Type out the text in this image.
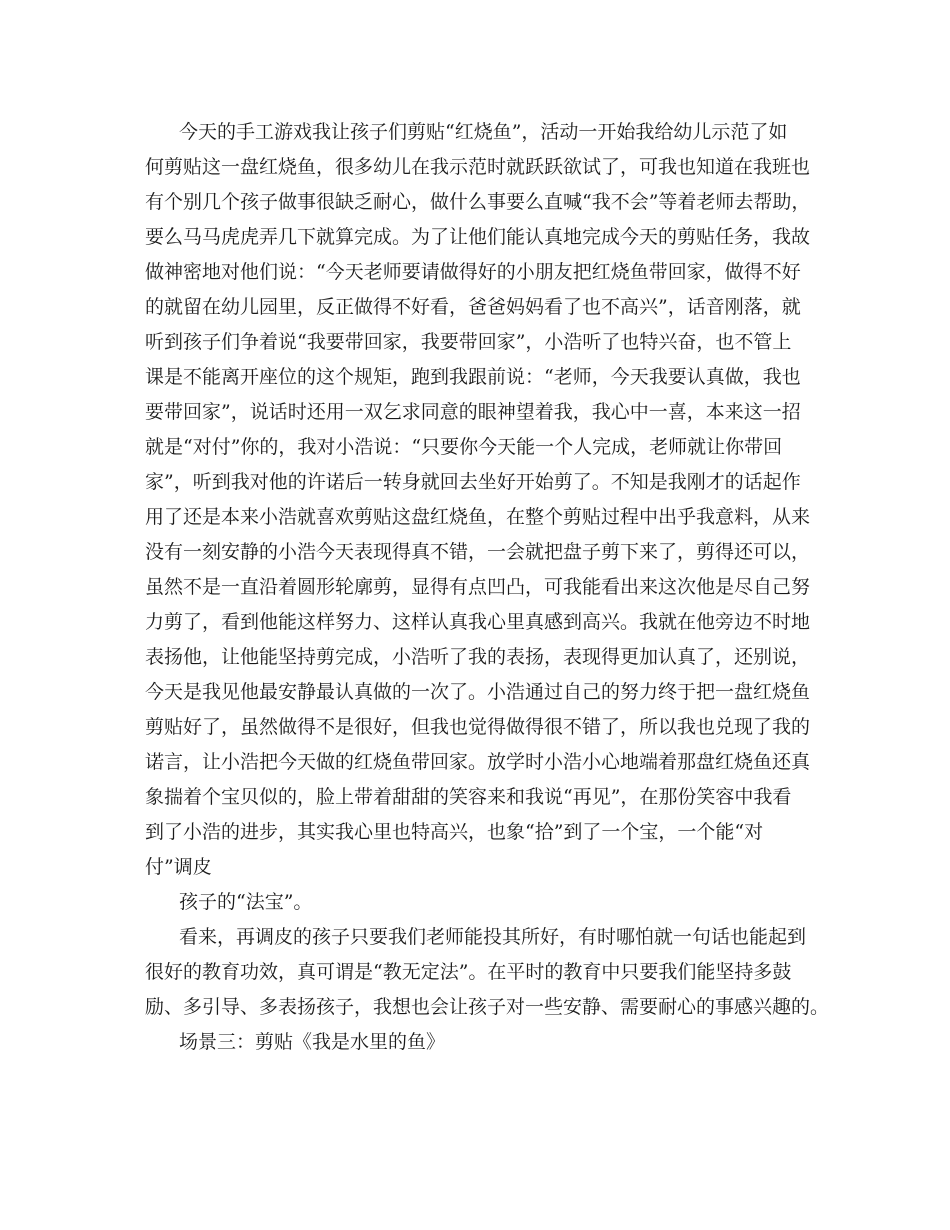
今天的手工游戏我让孩子们剪贴“红烧鱼”，活动一开始我给幼儿示范了如
何剪贴这一盘红烧鱼，很多幼儿在我示范时就跃跃欲试了，可我也知道在我班也
有个别几个孩子做事很缺乏耐心，做什么事要么直喊“我不会”等着老师去帮助，
要么马马虎虎弄几下就算完成。为了让他们能认真地完成今天的剪贴任务，我故
做神密地对他们说：“今天老师要请做得好的小朋友把红烧鱼带回家，做得不好
的就留在幼儿园里，反正做得不好看，爸爸妈妈看了也不高兴”，话音刚落，就
听到孩子们争着说“我要带回家，我要带回家”，小浩听了也特兴奋，也不管上
课是不能离开座位的这个规矩，跑到我跟前说：“老师，今天我要认真做，我也
要带回家”，说话时还用一双乞求同意的眼神望着我，我心中一喜，本来这一招
就是“对付”你的，我对小浩说：“只要你今天能一个人完成，老师就让你带回
家”，听到我对他的许诺后一转身就回去坐好开始剪了。不知是我刚才的话起作
用了还是本来小浩就喜欢剪贴这盘红烧鱼，在整个剪贴过程中出乎我意料，从来
没有一刻安静的小浩今天表现得真不错，一会就把盘子剪下来了，剪得还可以，
虽然不是一直沿着圆形轮廓剪，显得有点凹凸，可我能看出来这次他是尽自己努
力剪了，看到他能这样努力、这样认真我心里真感到高兴。我就在他旁边不时地
表扬他，让他能坚持剪完成，小浩听了我的表扬，表现得更加认真了，还别说，
今天是我见他最安静最认真做的一次了。小浩通过自己的努力终于把一盘红烧鱼
剪贴好了，虽然做得不是很好，但我也觉得做得很不错了，所以我也兑现了我的
诺言，让小浩把今天做的红烧鱼带回家。放学时小浩小心地端着那盘红烧鱼还真
象揣着个宝贝似的，脸上带着甜甜的笑容来和我说“再见”，在那份笑容中我看
到了小浩的进步，其实我心里也特高兴，也象“拾”到了一个宝，一个能“对
付”调皮
孩子的“法宝”。
看来，再调皮的孩子只要我们老师能投其所好，有时哪怕就一句话也能起到
很好的教育功效，真可谓是“教无定法”。在平时的教育中只要我们能坚持多鼓
励、多引导、多表扬孩子，我想也会让孩子对一些安静、需要耐心的事感兴趣的。
场景三：剪贴《我是水里的鱼》
